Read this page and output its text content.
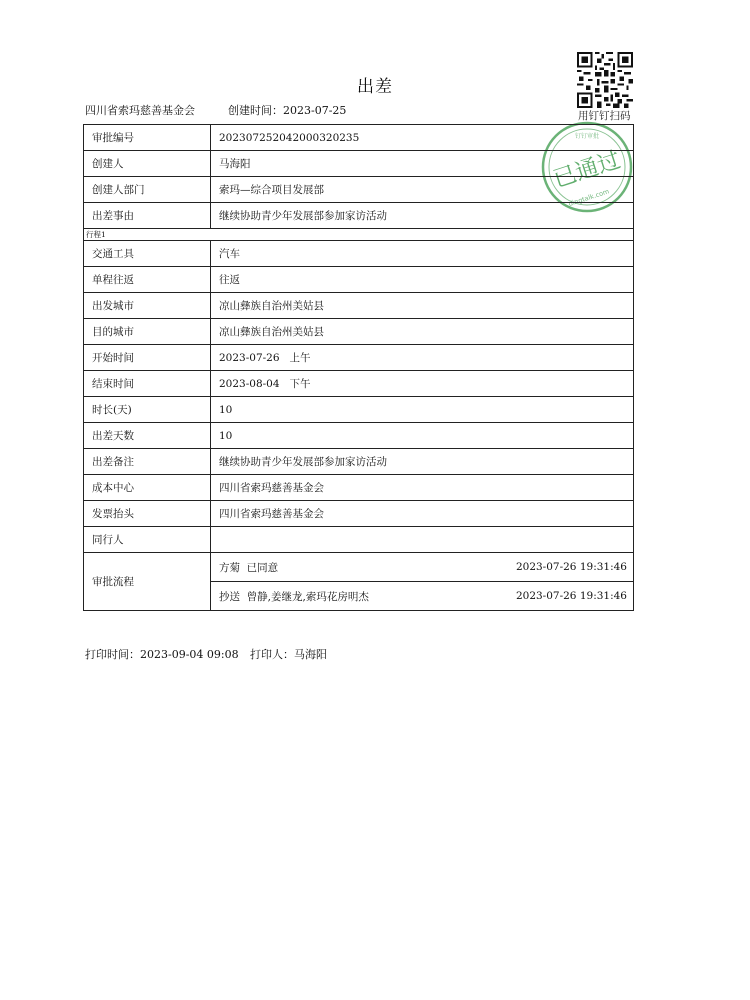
出差
四川省索玛慈善基金会	创建时间：2023-07-25	用钉钉扫码
钉钉审批
已通过
dingtalk.com
审批编号	202307252042000320235
创建人	马海阳
创建人部门	索玛—综合项目发展部
出差事由	继续协助青少年发展部参加家访活动
行程1	
交通工具	汽车
单程往返	往返
出发城市	凉山彝族自治州美姑县
目的城市	凉山彝族自治州美姑县
开始时间	2023-07-26   上午
结束时间	2023-08-04   下午
时长(天)	10
出差天数	10
出差备注	继续协助青少年发展部参加家访活动
成本中心	四川省索玛慈善基金会
发票抬头	四川省索玛慈善基金会
同行人	
审批流程	方菊  已同意 2023-07-26 19:31:46
抄送  曾静,姜继龙,索玛花房明杰 2023-07-26 19:31:46
打印时间：2023-09-04 09:08 打印人：马海阳
